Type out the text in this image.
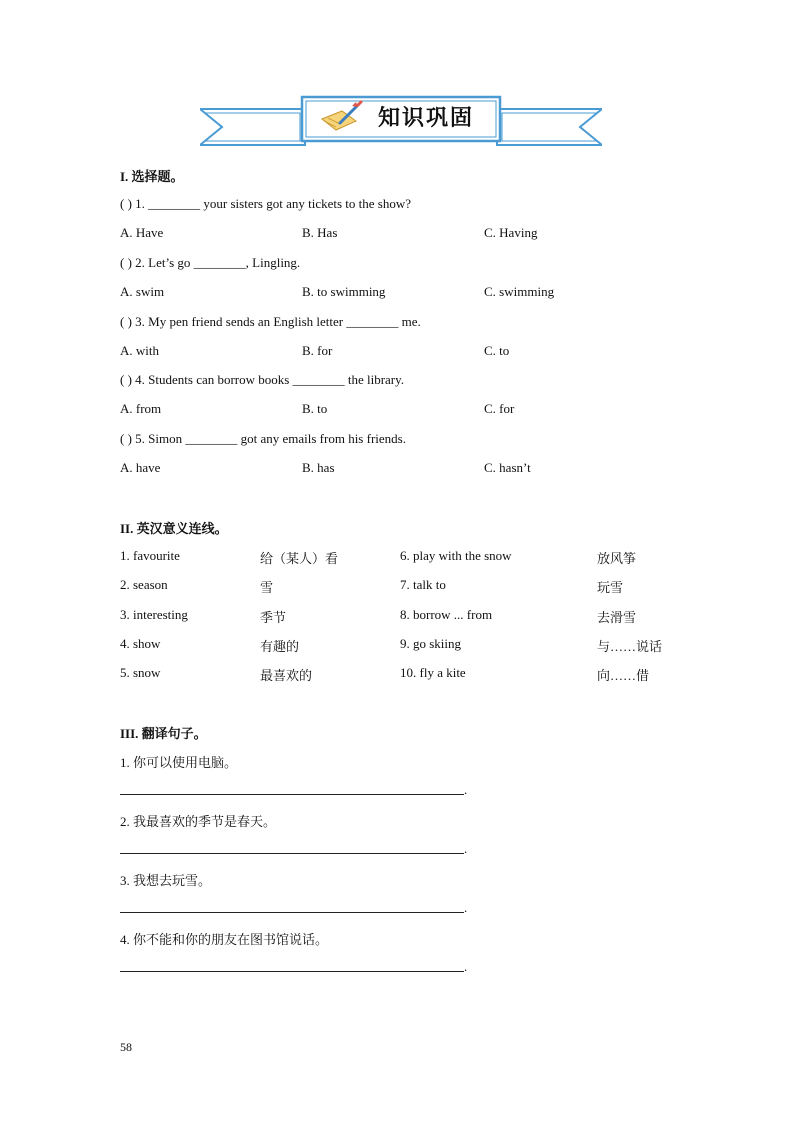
知识巩固
I. 选择题。
( ) 1. ________ your sisters got any tickets to the show?
A. Have	B. Has	C. Having
( ) 2. Let’s go ________, Lingling.
A. swim	B. to swimming	C. swimming
( ) 3. My pen friend sends an English letter ________ me.
A. with	B. for	C. to
( ) 4. Students can borrow books ________ the library.
A. from	B. to	C. for
( ) 5. Simon ________ got any emails from his friends.
A. have	B. has	C. hasn’t
II. 英汉意义连线。
1. favourite	给（某人）看	6. play with the snow	放风筝
2. season	雪	7. talk to	玩雪
3. interesting	季节	8. borrow ... from	去滑雪
4. show	有趣的	9. go skiing	与……说话
5. snow	最喜欢的	10. fly a kite	向……借
III. 翻译句子。
1. 你可以使用电脑。
.
2. 我最喜欢的季节是春天。
.
3. 我想去玩雪。
.
4. 你不能和你的朋友在图书馆说话。
.
58
